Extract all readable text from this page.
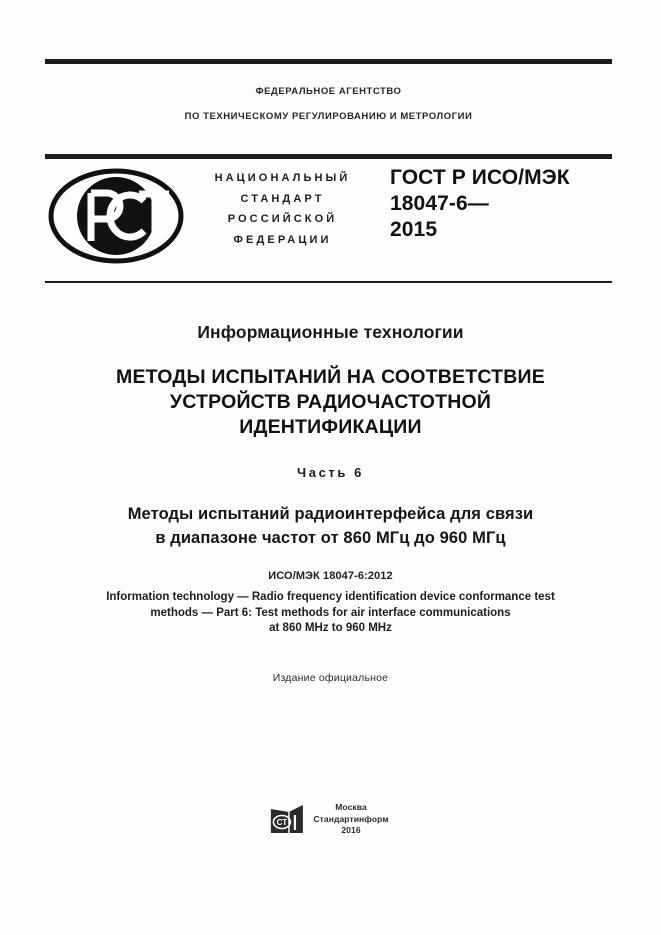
ФЕДЕРАЛЬНОЕ АГЕНТСТВО
ПО ТЕХНИЧЕСКОМУ РЕГУЛИРОВАНИЮ И МЕТРОЛОГИИ
НАЦИОНАЛЬНЫЙ
СТАНДАРТ
РОССИЙСКОЙ
ФЕДЕРАЦИИ
ГОСТ Р ИСО/МЭК
18047-6—
2015
Информационные технологии
МЕТОДЫ ИСПЫТАНИЙ НА СООТВЕТСТВИЕ
УСТРОЙСТВ РАДИОЧАСТОТНОЙ
ИДЕНТИФИКАЦИИ
Часть 6
Методы испытаний радиоинтерфейса для связи
в диапазоне частот от 860 МГц до 960 МГц
ИСО/МЭК 18047-6:2012
Information technology — Radio frequency identification device conformance test
methods — Part 6: Test methods for air interface communications
at 860 MHz to 960 MHz
Издание официальное
СТ
Москва
Стандартинформ
2016
